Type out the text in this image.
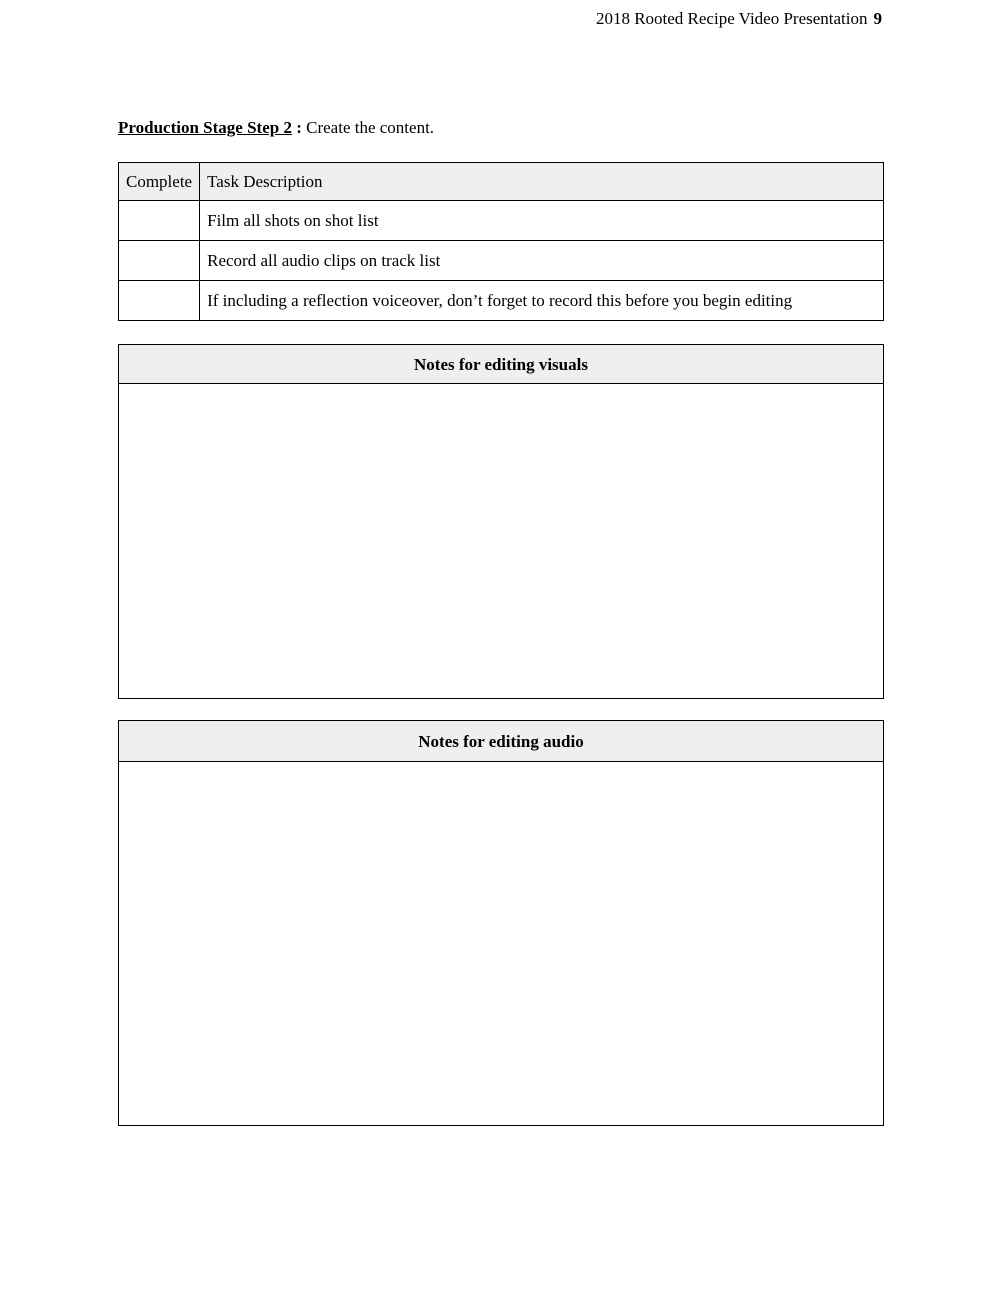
2018 Rooted Recipe Video Presentation 9
Production Stage Step 2 : Create the content.
Complete	Task Description
	Film all shots on shot list
	Record all audio clips on track list
	If including a reflection voiceover, don’t forget to record this before you begin editing
Notes for editing visuals
Notes for editing audio
